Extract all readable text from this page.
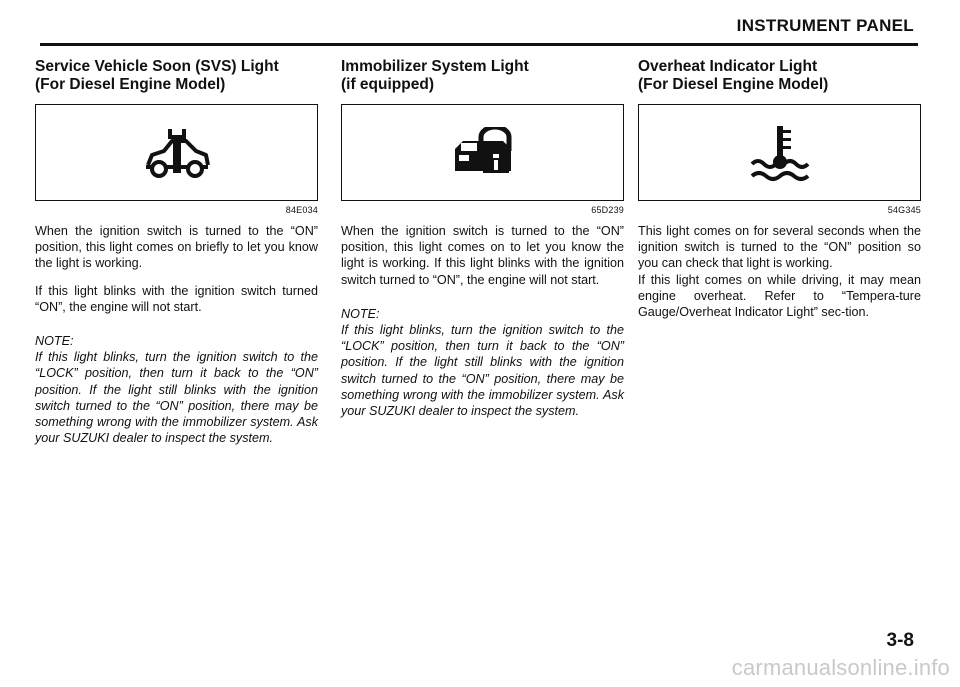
INSTRUMENT PANEL
Service Vehicle Soon (SVS) Light
(For Diesel Engine Model)
84E034

When the ignition switch is turned to the “ON” position, this light comes on briefly to let you know the light is working.

If this light blinks with the ignition switch turned “ON”, the engine will not start.

NOTE:

If this light blinks, turn the ignition switch to the “LOCK” position, then turn it back to the “ON” position. If the light still blinks with the ignition switch turned to the “ON” position, there may be something wrong with the immobilizer system. Ask your SUZUKI dealer to inspect the system.

Immobilizer System Light
(if equipped)
65D239

When the ignition switch is turned to the “ON” position, this light comes on to let you know the light is working. If this light blinks with the ignition switch turned to “ON”, the engine will not start.

NOTE:

If this light blinks, turn the ignition switch to the “LOCK” position, then turn it back to the “ON” position. If the light still blinks with the ignition switch turned to the “ON” position, there may be something wrong with the immobilizer system. Ask your SUZUKI dealer to inspect the system.

Overheat Indicator Light
(For Diesel Engine Model)
54G345

This light comes on for several seconds when the ignition switch is turned to the “ON” position so you can check that light is working.

If this light comes on while driving, it may mean engine overheat. Refer to “Tempera-ture Gauge/Overheat Indicator Light” sec-tion.

3-8
carmanualsonline.info
